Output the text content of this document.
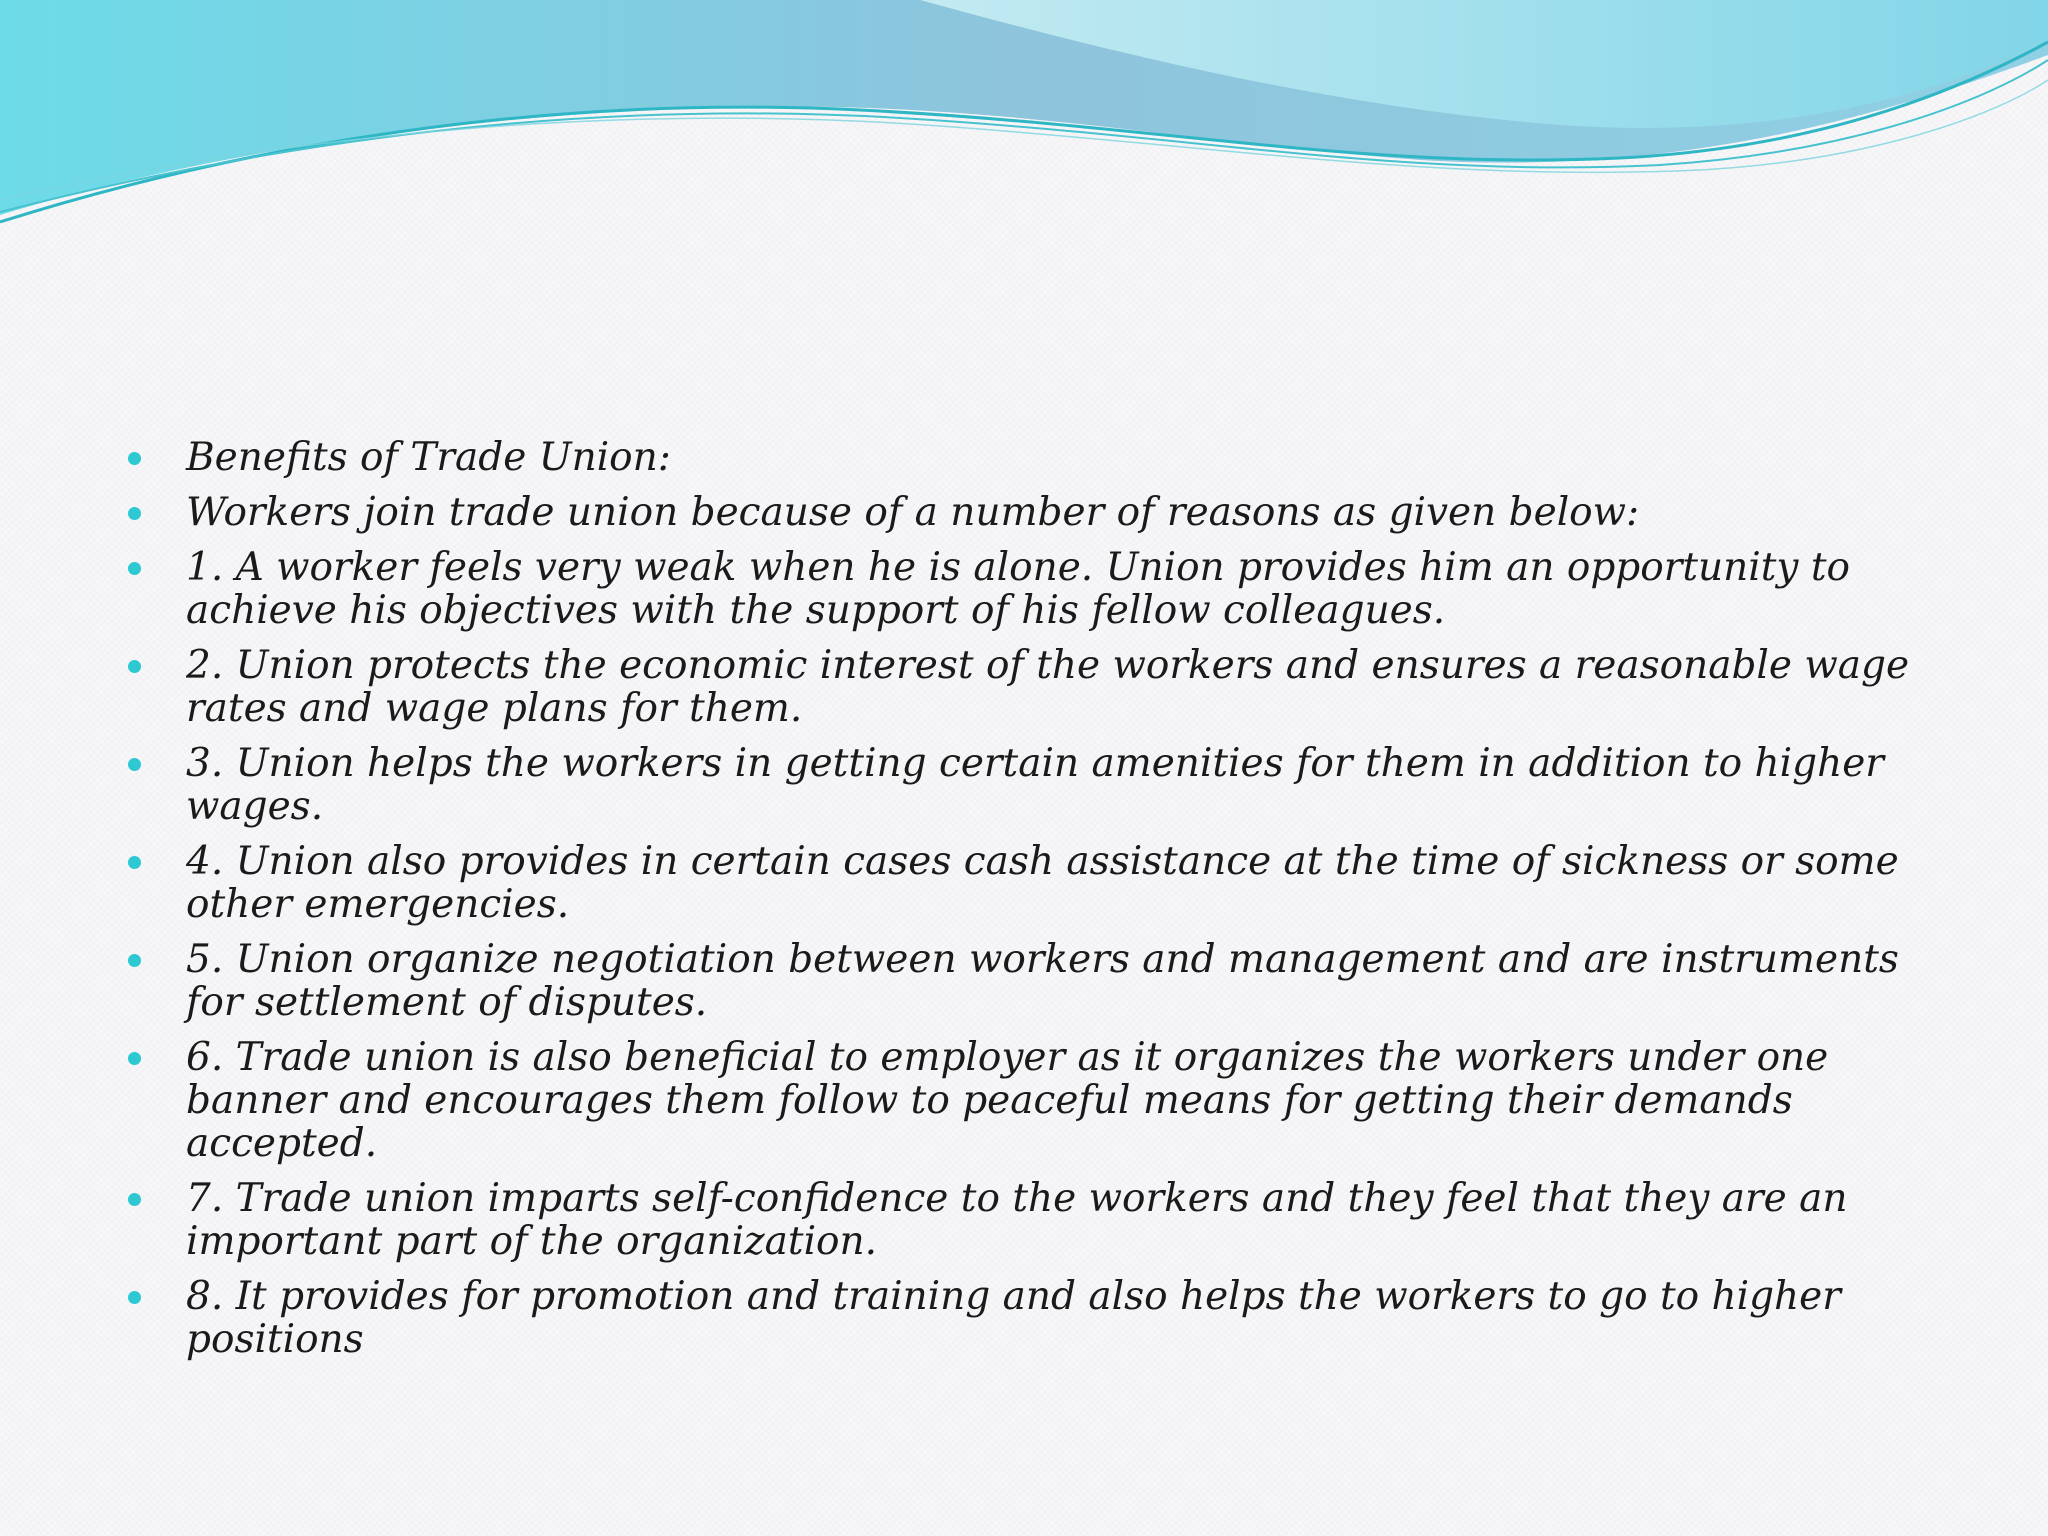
Benefits of Trade Union:
Workers join trade union because of a number of reasons as given below:
1. A worker feels very weak when he is alone. Union provides him an opportunity to achieve his objectives with the support of his fellow colleagues.
2. Union protects the economic interest of the workers and ensures a reasonable wage rates and wage plans for them.
3. Union helps the workers in getting certain amenities for them in addition to higher wages.
4. Union also provides in certain cases cash assistance at the time of sickness or some other emergencies.
5. Union organize negotiation between workers and management and are instruments for settlement of disputes.
6. Trade union is also beneficial to employer as it organizes the workers under one banner and encourages them follow to peaceful means for getting their demands accepted.
7. Trade union imparts self-confidence to the workers and they feel that they are an important part of the organization.
8. It provides for promotion and training and also helps the workers to go to higher positions
